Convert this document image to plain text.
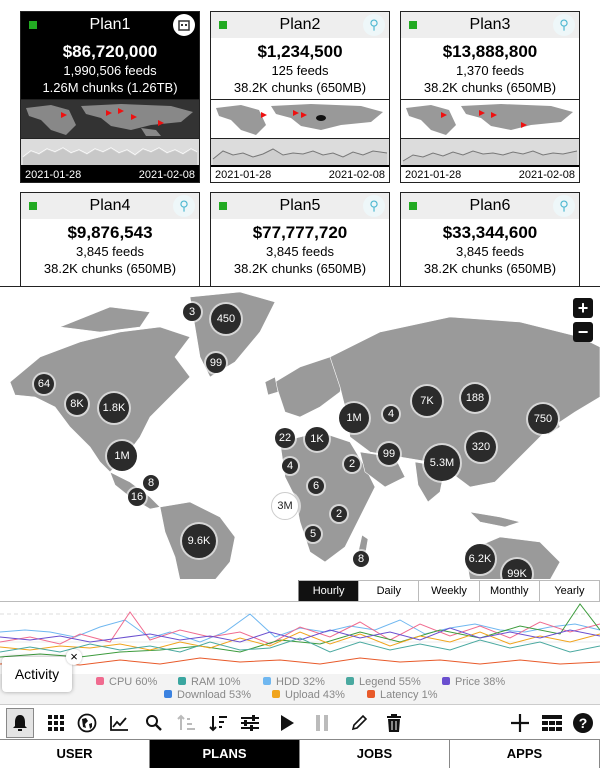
Plan1
$86,720,000
1,990,506 feeds
1.26M chunks (1.26TB)
2021-01-28	2021-02-08
Plan2	⚲
$1,234,500
125 feeds
38.2K chunks (650MB)
2021-01-28	2021-02-08
Plan3	⚲
$13,888,800
1,370 feeds
38.2K chunks (650MB)
2021-01-28	2021-02-08
Plan4	⚲
$9,876,543
3,845 feeds
38.2K chunks (650MB)
Plan5	⚲
$77,777,720
3,845 feeds
38.2K chunks (650MB)
Plan6	⚲
$33,344,600
3,845 feeds
38.2K chunks (650MB)
+
−
3
450
99
64
8K	1.8K
1M
8
16
9.6K
22	1K
4	2
6
3M
2
5
8
1M	4
7K	188
750
99
320
5.3M
6.2K
99K
Hourly	Daily	Weekly	Monthly	Yearly
CPU 60%	RAM 10%	HDD 32%	Legend 55%	Price 38%
Download 53%	Upload 43%	Latency 1%
Activity
×
?
USER	PLANS	JOBS	APPS
